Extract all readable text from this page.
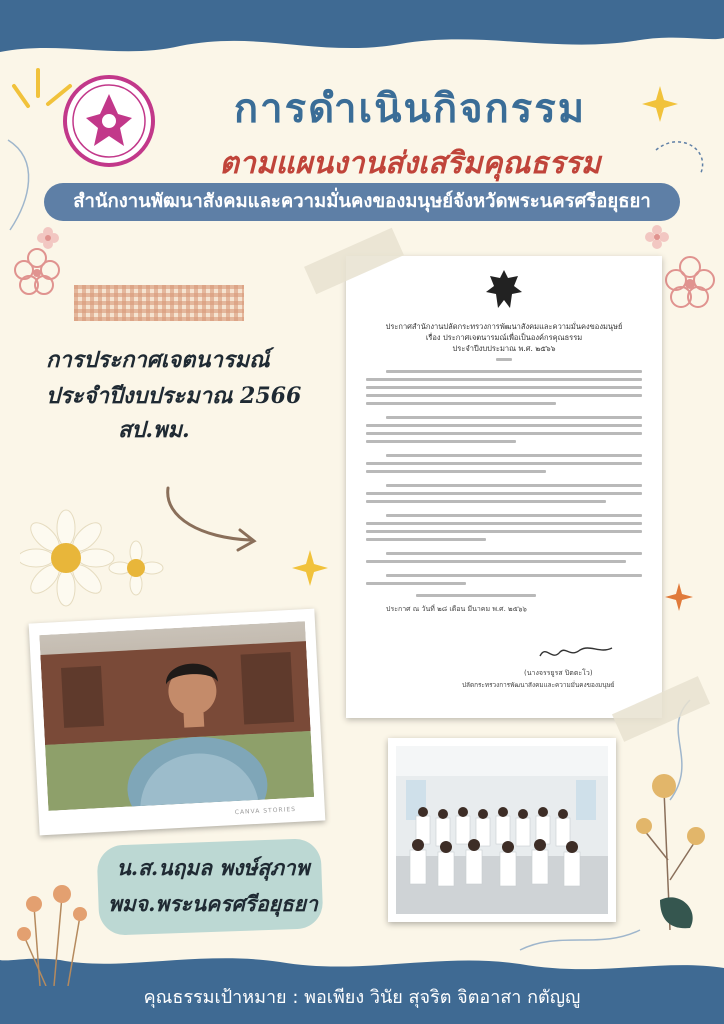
การดำเนินกิจกรรม
ตามแผนงานส่งเสริมคุณธรรม
สำนักงานพัฒนาสังคมและความมั่นคงของมนุษย์จังหวัดพระนครศรีอยุธยา
การประกาศเจตนารมณ์
ประจำปีงบประมาณ 2566
สป.พม.
ประกาศสำนักงานปลัดกระทรวงการพัฒนาสังคมและความมั่นคงของมนุษย์
เรื่อง ประกาศเจตนารมณ์เพื่อเป็นองค์กรคุณธรรม
ประจำปีงบประมาณ พ.ศ. ๒๕๖๖
ประกาศ ณ วันที่ ๒๘ เดือน มีนาคม พ.ศ. ๒๕๖๖
(นางจรรยูรส ปิตตะโว)
ปลัดกระทรวงการพัฒนาสังคมและความมั่นคงของมนุษย์
CANVA STORIES
น.ส.นฤมล พงษ์สุภาพ
พมจ.พระนครศรีอยุธยา
คุณธรรมเป้าหมาย : พอเพียง วินัย สุจริต จิตอาสา กตัญญู
